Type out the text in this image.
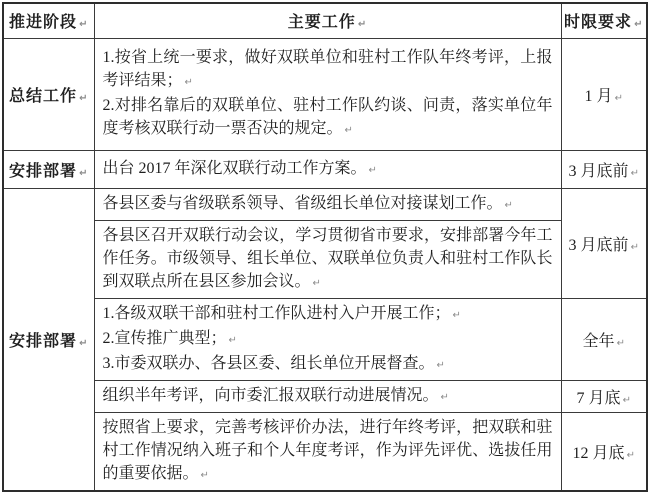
推进阶段 ↵	主要工作 ↵	时限要求 ↵
总结工作 ↵	1.按省上统一要求，做好双联单位和驻村工作队年终考评，上报考评结果； ↵

2.对排名靠后的双联单位、驻村工作队约谈、问责，落实单位年度考核双联行动一票否决的规定。 ↵	1 月 ↵
安排部署 ↵	出台 2017 年深化双联行动工作方案。 ↵	3 月底前 ↵
安排部署 ↵	各县区委与省级联系领导、省级组长单位对接谋划工作。 ↵	3 月底前 ↵

	各县区召开双联行动会议，学习贯彻省市要求，安排部署今年工作任务。市级领导、组长单位、双联单位负责人和驻村工作队长到双联点所在县区参加会议。 ↵	

	1.各级双联干部和驻村工作队进村入户开展工作； ↵

2.宣传推广典型； ↵

3.市委双联办、各县区委、组长单位开展督查。 ↵	全年 ↵

	组织半年考评，向市委汇报双联行动进展情况。 ↵	7 月底 ↵

	按照省上要求，完善考核评价办法，进行年终考评，把双联和驻村工作情况纳入班子和个人年度考评，作为评先评优、选拔任用的重要依据。 ↵	12 月底 ↵
